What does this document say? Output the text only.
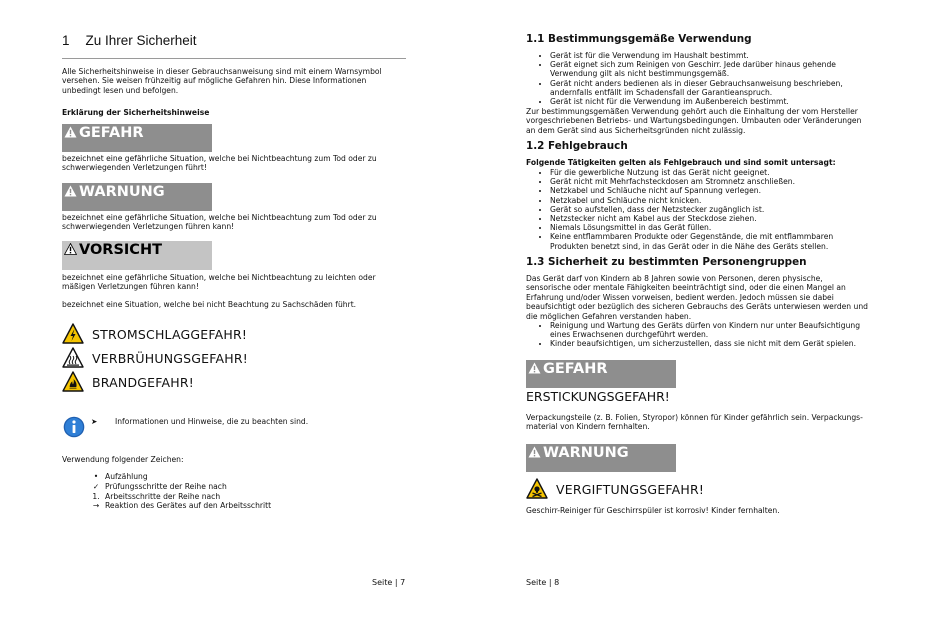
1 Zu Ihrer Sicherheit
Alle Sicherheitshinweise in dieser Gebrauchsanweisung sind mit einem Warnsymbol
versehen. Sie weisen frühzeitig auf mögliche Gefahren hin. Diese Informationen
unbedingt lesen und befolgen.
Erklärung der Sicherheitshinweise
GEFAHR
bezeichnet eine gefährliche Situation, welche bei Nichtbeachtung zum Tod oder zu
schwerwiegenden Verletzungen führt!
WARNUNG
bezeichnet eine gefährliche Situation, welche bei Nichtbeachtung zum Tod oder zu
schwerwiegenden Verletzungen führen kann!
VORSICHT
bezeichnet eine gefährliche Situation, welche bei Nichtbeachtung zu leichten oder
mäßigen Verletzungen führen kann!
bezeichnet eine Situation, welche bei nicht Beachtung zu Sachschäden führt.
STROMSCHLAGGEFAHR!
VERBRÜHUNGSGEFAHR!
BRANDGEFAHR!
➤ Informationen und Hinweise, die zu beachten sind.
Verwendung folgender Zeichen:
• Aufzählung
✓ Prüfungsschritte der Reihe nach
1. Arbeitsschritte der Reihe nach
→ Reaktion des Gerätes auf den Arbeitsschritt
Seite | 7
1.1 Bestimmungsgemäße Verwendung
• Gerät ist für die Verwendung im Haushalt bestimmt.
• Gerät eignet sich zum Reinigen von Geschirr. Jede darüber hinaus gehende
Verwendung gilt als nicht bestimmungsgemäß.
• Gerät nicht anders bedienen als in dieser Gebrauchsanweisung beschrieben,
andernfalls entfällt im Schadensfall der Garantieanspruch.
• Gerät ist nicht für die Verwendung im Außenbereich bestimmt.
Zur bestimmungsgemäßen Verwendung gehört auch die Einhaltung der vom Hersteller
vorgeschriebenen Betriebs- und Wartungsbedingungen. Umbauten oder Veränderungen
an dem Gerät sind aus Sicherheitsgründen nicht zulässig.
1.2 Fehlgebrauch
Folgende Tätigkeiten gelten als Fehlgebrauch und sind somit untersagt:
• Für die gewerbliche Nutzung ist das Gerät nicht geeignet.
• Gerät nicht mit Mehrfachsteckdosen am Stromnetz anschließen.
• Netzkabel und Schläuche nicht auf Spannung verlegen.
• Netzkabel und Schläuche nicht knicken.
• Gerät so aufstellen, dass der Netzstecker zugänglich ist.
• Netzstecker nicht am Kabel aus der Steckdose ziehen.
• Niemals Lösungsmittel in das Gerät füllen.
• Keine entflammbaren Produkte oder Gegenstände, die mit entflammbaren
Produkten benetzt sind, in das Gerät oder in die Nähe des Geräts stellen.
1.3 Sicherheit zu bestimmten Personengruppen
Das Gerät darf von Kindern ab 8 Jahren sowie von Personen, deren physische,
sensorische oder mentale Fähigkeiten beeinträchtigt sind, oder die einen Mangel an
Erfahrung und/oder Wissen vorweisen, bedient werden. Jedoch müssen sie dabei
beaufsichtigt oder bezüglich des sicheren Gebrauchs des Geräts unterwiesen werden und
die möglichen Gefahren verstanden haben.
• Reinigung und Wartung des Geräts dürfen von Kindern nur unter Beaufsichtigung
eines Erwachsenen durchgeführt werden.
• Kinder beaufsichtigen, um sicherzustellen, dass sie nicht mit dem Gerät spielen.
GEFAHR
ERSTICKUNGSGEFAHR!
Verpackungsteile (z. B. Folien, Styropor) können für Kinder gefährlich sein. Verpackungs-
material von Kindern fernhalten.
WARNUNG
VERGIFTUNGSGEFAHR!
Geschirr-Reiniger für Geschirrspüler ist korrosiv! Kinder fernhalten.
Seite | 8
